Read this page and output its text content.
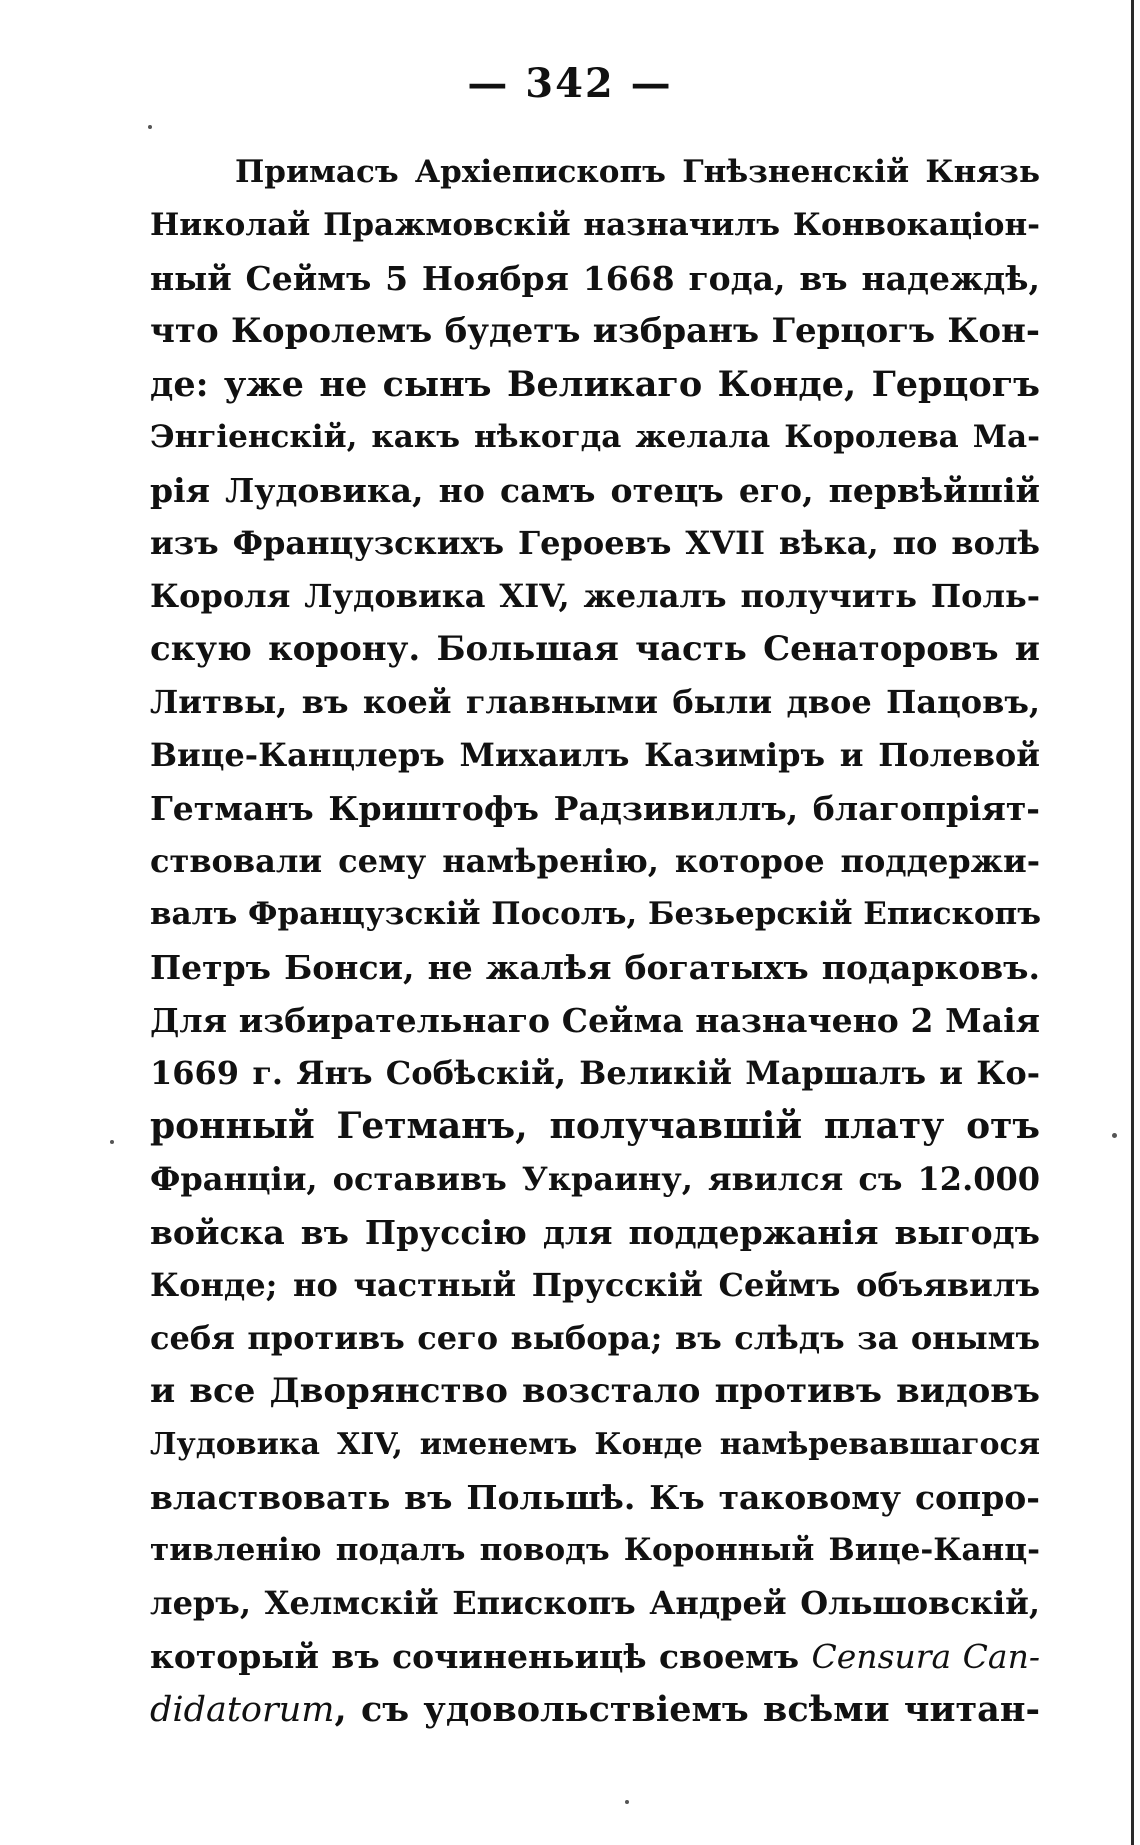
— 342 —
Примасъ Архіепископъ Гнѣзненскій Князь
Николай Пражмовскій назначилъ Конвокаціон-
ный Сеймъ 5 Ноября 1668 года, въ надеждѣ,
что Королемъ будетъ избранъ Герцогъ Кон-
де: уже не сынъ Великаго Конде, Герцогъ
Энгіенскій, какъ нѣкогда желала Королева Ма-
рія Лудовика, но самъ отецъ его, первѣйшій
изъ Французскихъ Героевъ XVII вѣка, по волѣ
Короля Лудовика XIV, желалъ получить Поль-
скую корону. Большая часть Сенаторовъ и
Литвы, въ коей главными были двое Пацовъ,
Вице-Канцлеръ Михаилъ Казиміръ и Полевой
Гетманъ Криштофъ Радзивиллъ, благопріят-
ствовали сему намѣренію, которое поддержи-
валъ Французскій Посолъ, Безьерскій Епископъ
Петръ Бонси, не жалѣя богатыхъ подарковъ.
Для избирательнаго Сейма назначено 2 Маія
1669 г. Янъ Собѣскій, Великій Маршалъ и Ко-
ронный Гетманъ, получавшій плату отъ
Франціи, оставивъ Украину, явился съ 12.000
войска въ Пруссію для поддержанія выгодъ
Конде; но частный Прусскій Сеймъ объявилъ
себя противъ сего выбора; въ слѣдъ за онымъ
и все Дворянство возстало противъ видовъ
Лудовика XIV, именемъ Конде намѣревавшагося
властвовать въ Польшѣ. Къ таковому сопро-
тивленію подалъ поводъ Коронный Вице-Канц-
леръ, Хелмскій Епископъ Андрей Ольшовскій,
который въ сочиненьицѣ своемъ Censura Can-
didatorum, съ удовольствіемъ всѣми читан-
